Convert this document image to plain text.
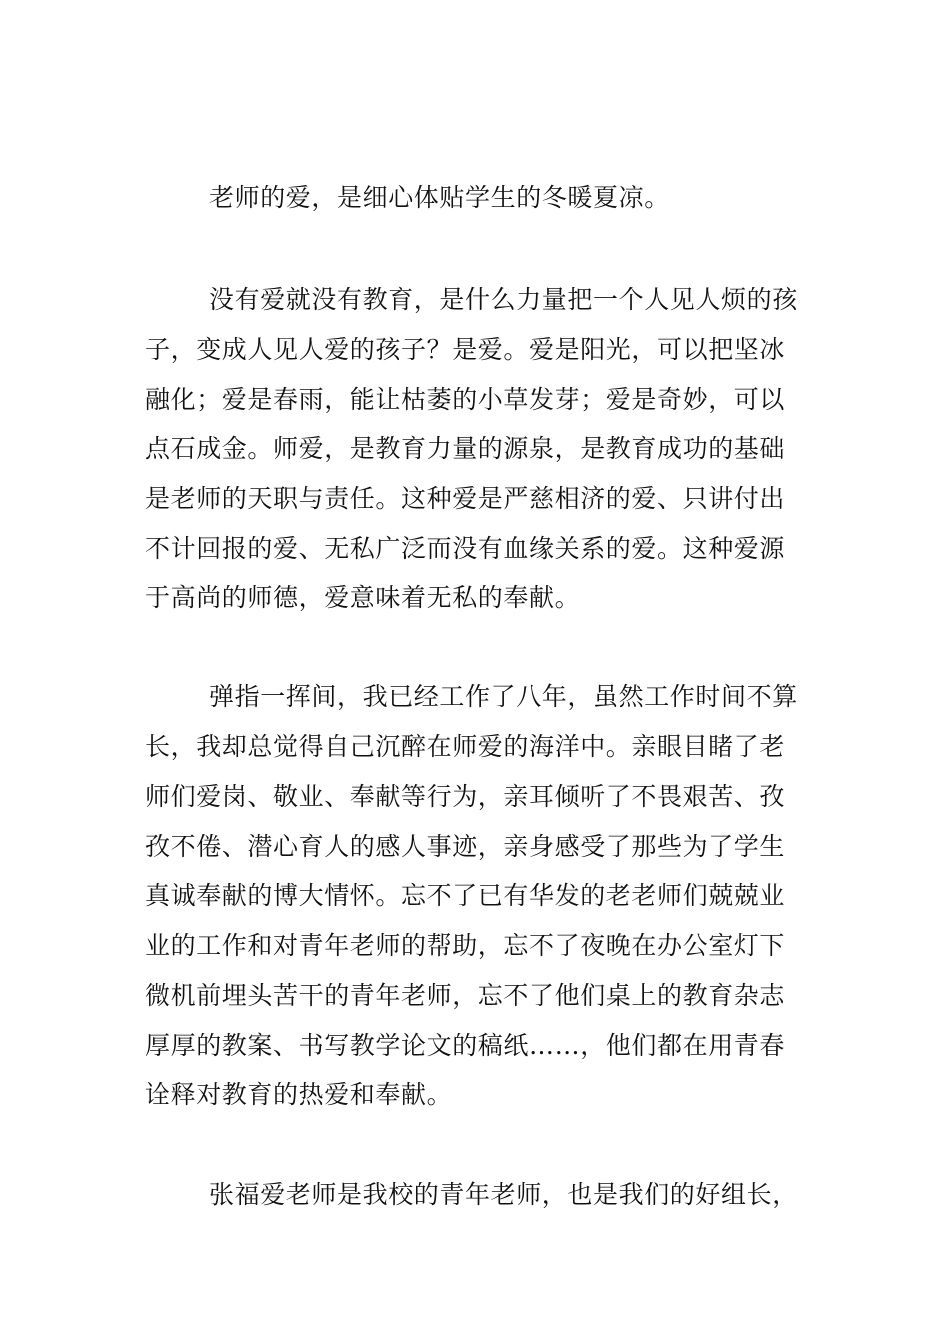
老师的爱，是细心体贴学生的冬暖夏凉。

没有爱就没有教育，是什么力量把一个人见人烦的孩

子，变成人见人爱的孩子？是爱。爱是阳光，可以把坚冰

融化；爱是春雨，能让枯萎的小草发芽；爱是奇妙，可以

点石成金。师爱，是教育力量的源泉，是教育成功的基础

是老师的天职与责任。这种爱是严慈相济的爱、只讲付出

不计回报的爱、无私广泛而没有血缘关系的爱。这种爱源

于高尚的师德，爱意味着无私的奉献。

弹指一挥间，我已经工作了八年，虽然工作时间不算

长，我却总觉得自己沉醉在师爱的海洋中。亲眼目睹了老

师们爱岗、敬业、奉献等行为，亲耳倾听了不畏艰苦、孜

孜不倦、潜心育人的感人事迹，亲身感受了那些为了学生

真诚奉献的博大情怀。忘不了已有华发的老老师们兢兢业

业的工作和对青年老师的帮助，忘不了夜晚在办公室灯下

微机前埋头苦干的青年老师，忘不了他们桌上的教育杂志

厚厚的教案、书写教学论文的稿纸……，他们都在用青春

诠释对教育的热爱和奉献。

张福爱老师是我校的青年老师，也是我们的好组长，
